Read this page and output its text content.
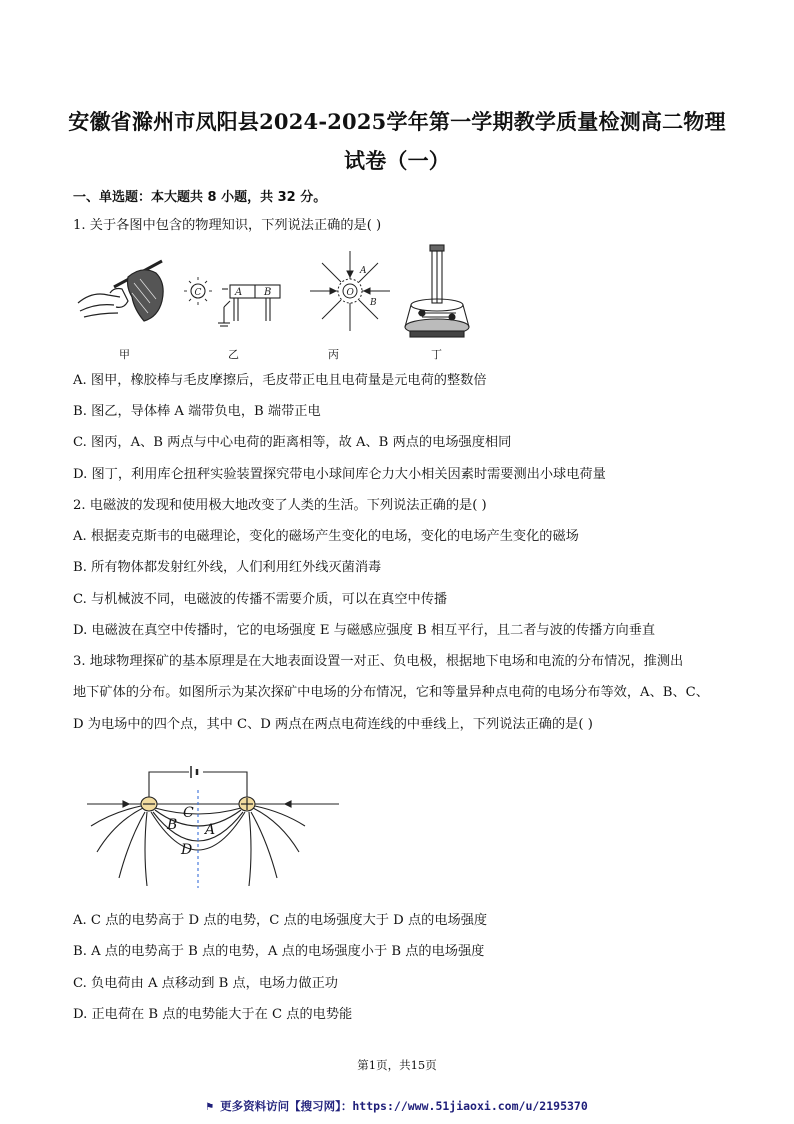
安徽省滁州市凤阳县2024-2025学年第一学期教学质量检测高二物理
试卷（一）
一、单选题：本大题共 8 小题，共 32 分。
1. 关于各图中包含的物理知识，下列说法正确的是( )
C	A B	O
A
B
甲	乙	丙	丁
A. 图甲，橡胶棒与毛皮摩擦后，毛皮带正电且电荷量是元电荷的整数倍
B. 图乙，导体棒 A 端带负电，B 端带正电
C. 图丙，A、B 两点与中心电荷的距离相等，故 A、B 两点的电场强度相同
D. 图丁，利用库仑扭秤实验装置探究带电小球间库仑力大小相关因素时需要测出小球电荷量
2. 电磁波的发现和使用极大地改变了人类的生活。下列说法正确的是( )
A. 根据麦克斯韦的电磁理论，变化的磁场产生变化的电场，变化的电场产生变化的磁场
B. 所有物体都发射红外线，人们利用红外线灭菌消毒
C. 与机械波不同，电磁波的传播不需要介质，可以在真空中传播
D. 电磁波在真空中传播时，它的电场强度 E 与磁感应强度 B 相互平行，且二者与波的传播方向垂直
3. 地球物理探矿的基本原理是在大地表面设置一对正、负电极，根据地下电场和电流的分布情况，推测出
地下矿体的分布。如图所示为某次探矿中电场的分布情况，它和等量异种点电荷的电场分布等效，A、B、C、
D 为电场中的四个点，其中 C、D 两点在两点电荷连线的中垂线上，下列说法正确的是( )
C
B A
D
A. C 点的电势高于 D 点的电势，C 点的电场强度大于 D 点的电场强度
B. A 点的电势高于 B 点的电势，A 点的电场强度小于 B 点的电场强度
C. 负电荷由 A 点移动到 B 点，电场力做正功
D. 正电荷在 B 点的电势能大于在 C 点的电势能
第1页，共15页
⚑ 更多资料访问【搜习网】：https://www.51jiaoxi.com/u/2195370
